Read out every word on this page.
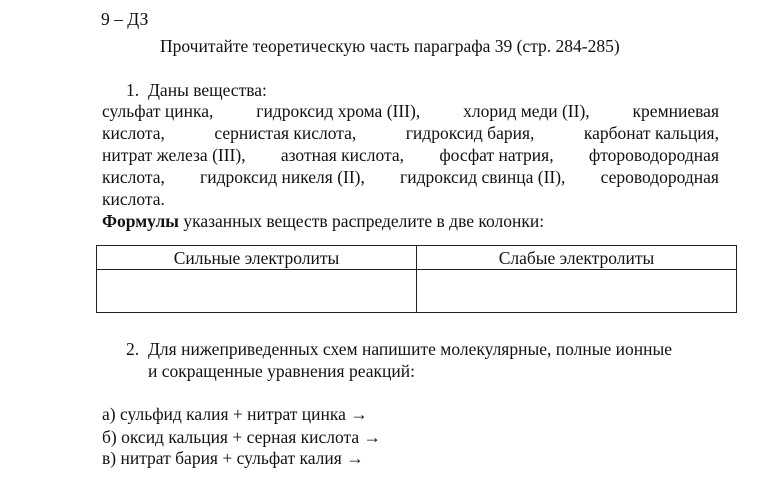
9 – ДЗ
Прочитайте теоретическую часть параграфа 39 (стр. 284-285)
1. Даны вещества:
сульфат цинка, гидроксид хрома (III), хлорид меди (II), кремниевая
кислота,	сернистая кислота,	гидроксид бария,	карбонат кальция,
нитрат железа (III), азотная кислота, фосфат натрия, фтороводородная
кислота, гидроксид никеля (II), гидроксид свинца (II), сероводородная
кислота.
Формулы указанных веществ распределите в две колонки:
Сильные электролиты	Слабые электролиты

2. Для нижеприведенных схем напишите молекулярные, полные ионные
и сокращенные уравнения реакций:
а) сульфид калия + нитрат цинка →
б) оксид кальция + серная кислота →
в) нитрат бария + сульфат калия →
